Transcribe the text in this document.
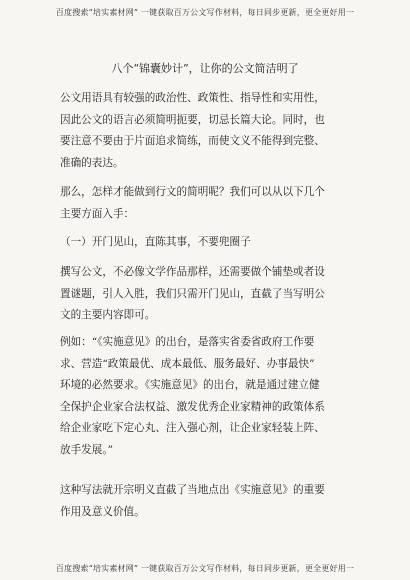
百度搜索“培实素材网” 一键获取百万公文写作材料，每日同步更新，更全更好用一
八个“锦囊妙计”，让你的公文简洁明了
公文用语具有较强的政治性、政策性、指导性和实用性，
因此公文的语言必须简明扼要，切忌长篇大论。同时，也
要注意不要由于片面追求简练，而使文义不能得到完整、
准确的表达。
那么，怎样才能做到行文的简明呢？我们可以从以下几个
主要方面入手：
（一）开门见山，直陈其事，不要兜圈子
撰写公文，不必像文学作品那样，还需要做个铺垫或者设
置谜题，引人入胜，我们只需开门见山，直截了当写明公
文的主要内容即可。
例如：“《实施意见》的出台，是落实省委省政府工作要
求、营造“政策最优、成本最低、服务最好、办事最快”
环境的必然要求。《实施意见》的出台，就是通过建立健
全保护企业家合法权益、激发优秀企业家精神的政策体系
给企业家吃下定心丸、注入强心剂，让企业家轻装上阵、
放手发展。”
这种写法就开宗明义直截了当地点出《实施意见》的重要
作用及意义价值。
百度搜索“培实素材网” 一键获取百万公文写作材料，每日同步更新，更全更好用一
